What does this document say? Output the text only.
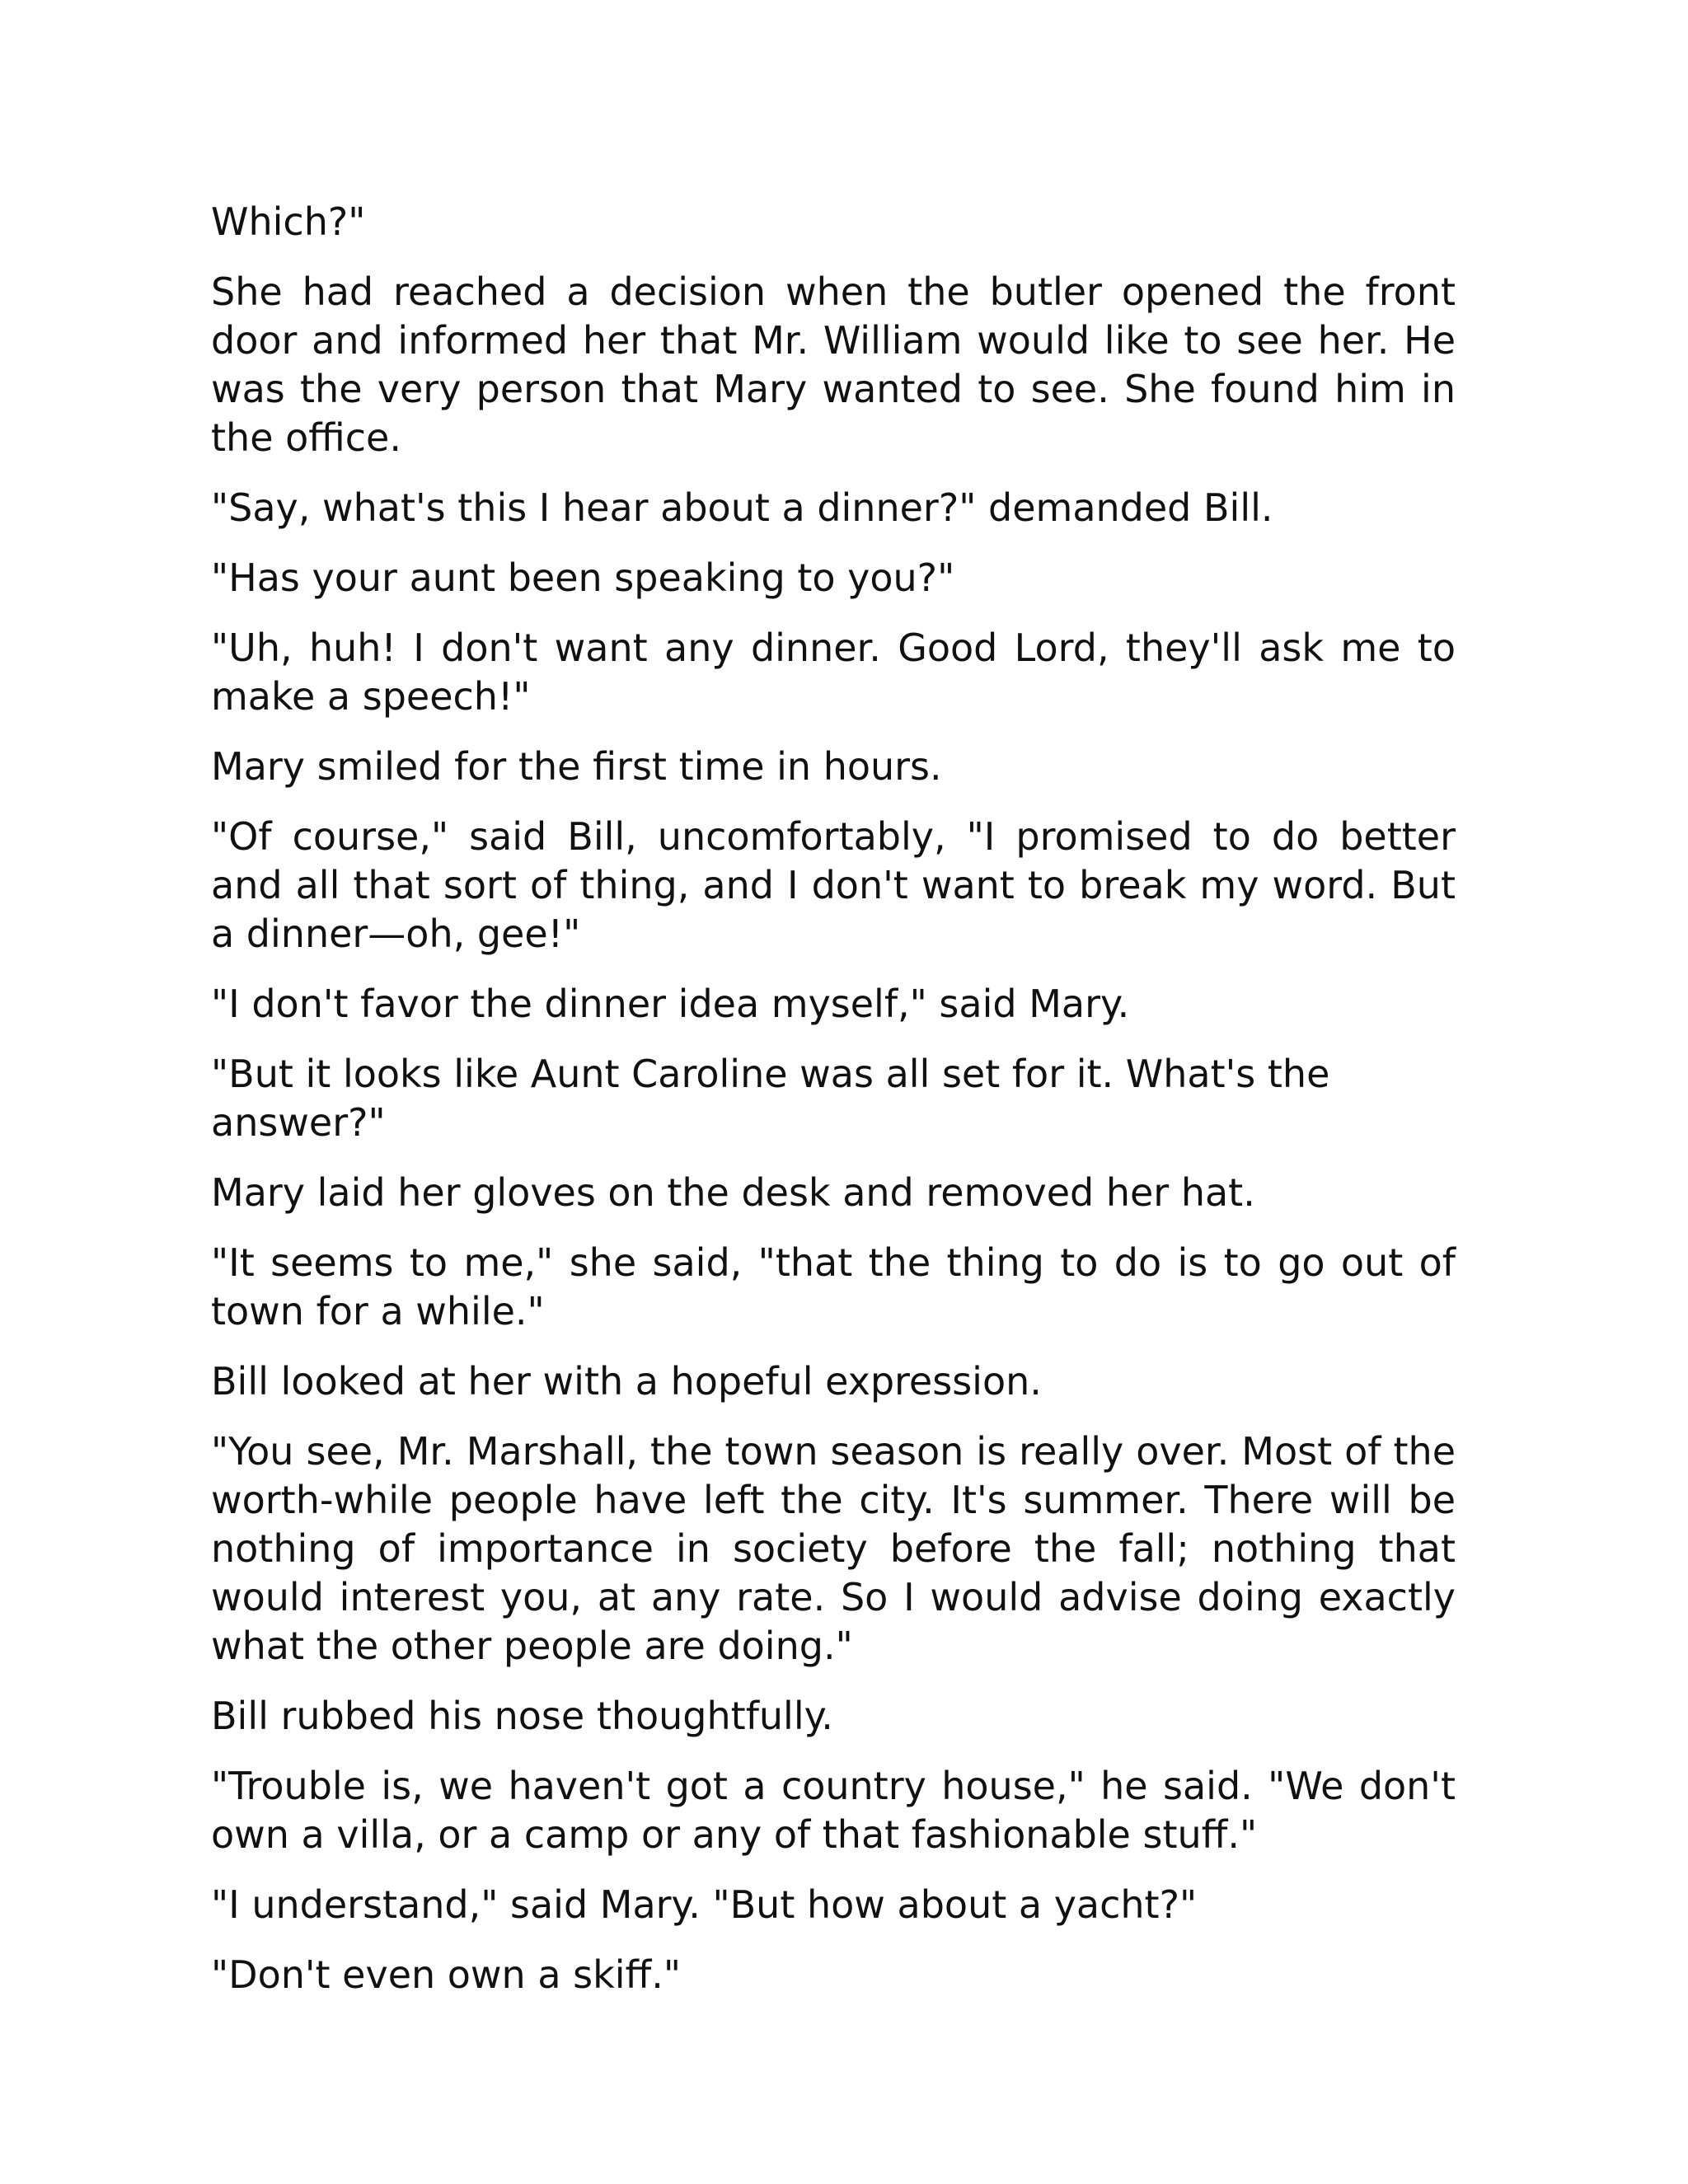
Which?"

She had reached a decision when the butler opened the front door and informed her that Mr. William would like to see her. He was the very person that Mary wanted to see. She found him in the office.

"Say, what's this I hear about a dinner?" demanded Bill.

"Has your aunt been speaking to you?"

"Uh, huh! I don't want any dinner. Good Lord, they'll ask me to make a speech!"

Mary smiled for the first time in hours.

"Of course," said Bill, uncomfortably, "I promised to do better and all that sort of thing, and I don't want to break my word. But a dinner—oh, gee!"

"I don't favor the dinner idea myself," said Mary.

"But it looks like Aunt Caroline was all set for it. What's the answer?"

Mary laid her gloves on the desk and removed her hat.

"It seems to me," she said, "that the thing to do is to go out of town for a while."

Bill looked at her with a hopeful expression.

"You see, Mr. Marshall, the town season is really over. Most of the worth-while people have left the city. It's summer. There will be nothing of importance in society before the fall; nothing that would interest you, at any rate. So I would advise doing exactly what the other people are doing."

Bill rubbed his nose thoughtfully.

"Trouble is, we haven't got a country house," he said. "We don't own a villa, or a camp or any of that fashionable stuff."

"I understand," said Mary. "But how about a yacht?"

"Don't even own a skiff."
